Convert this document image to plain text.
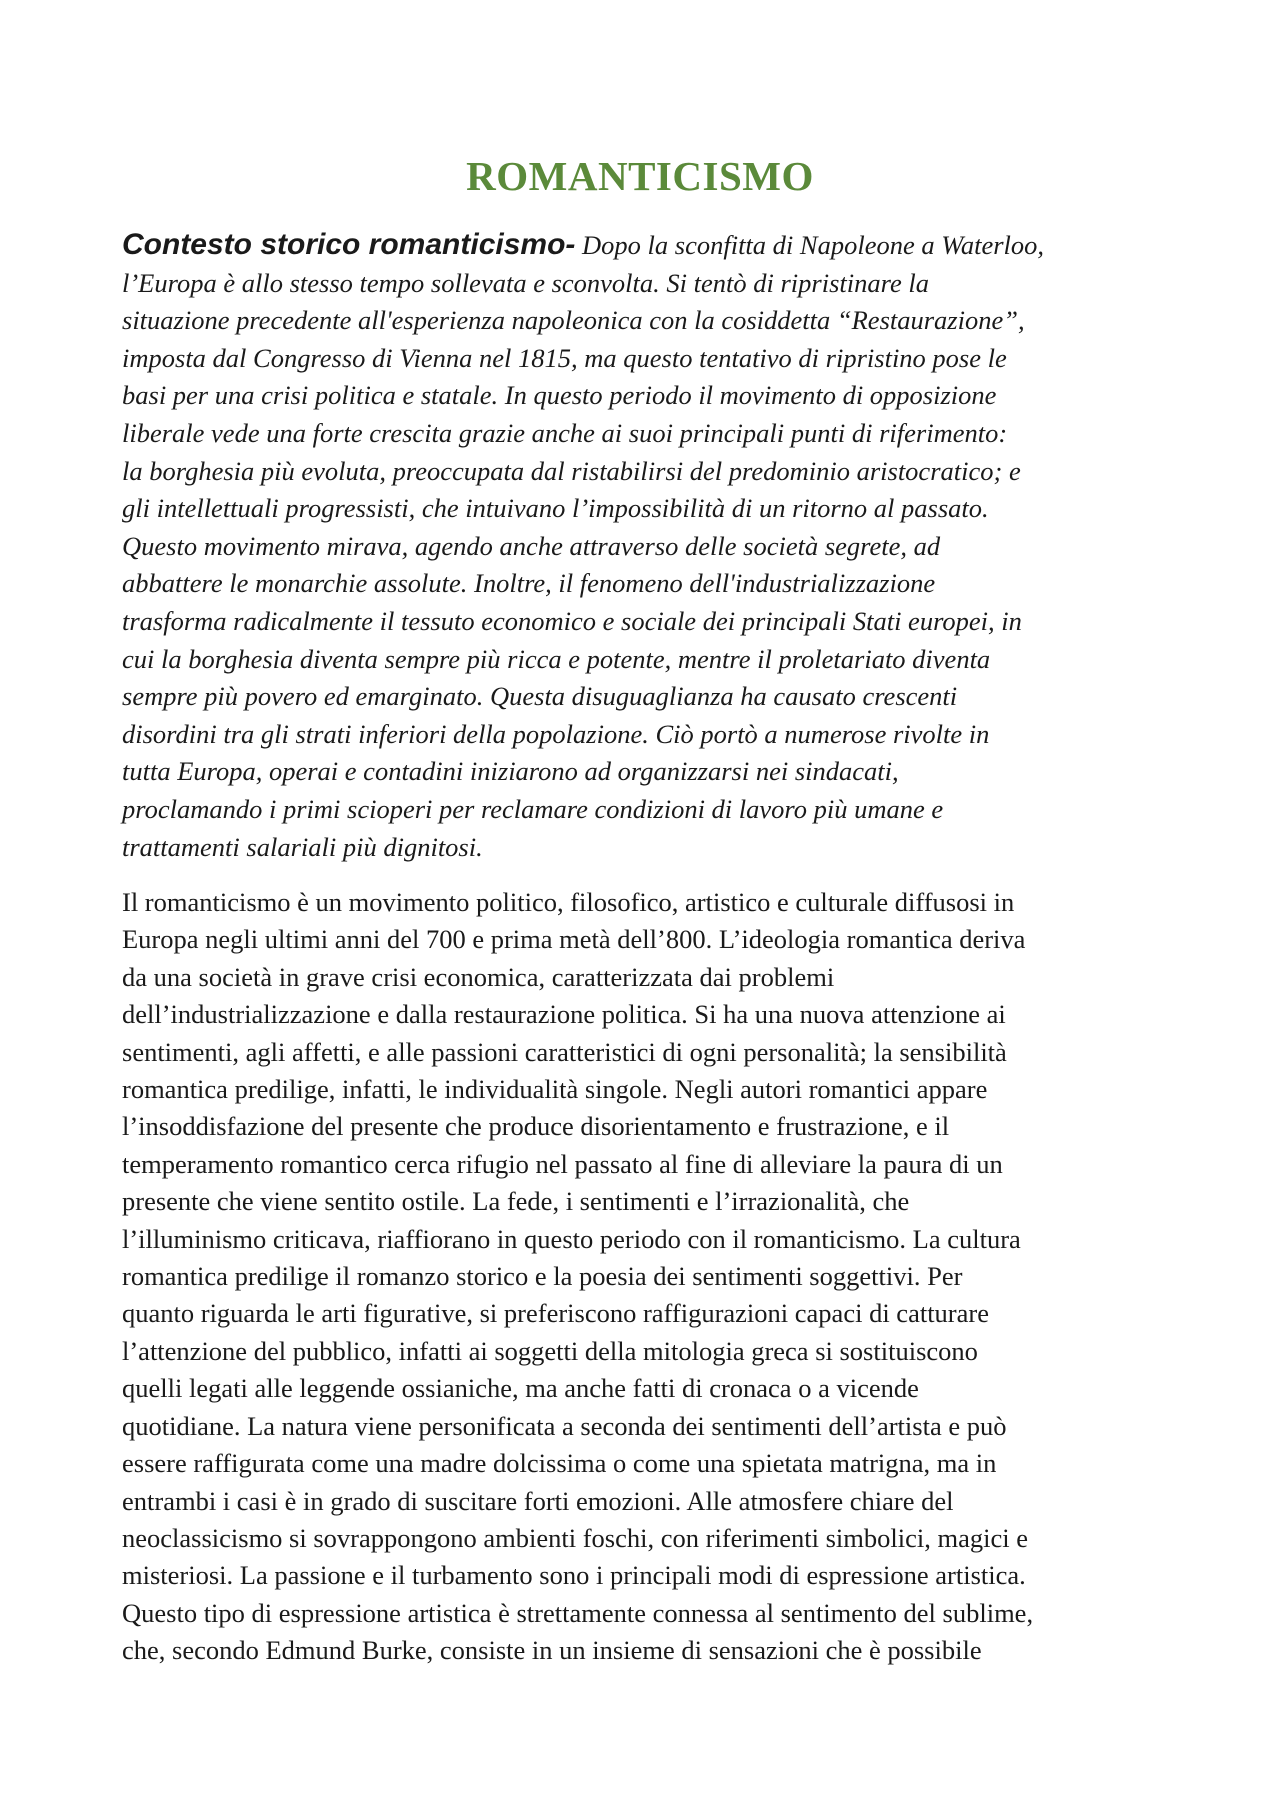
ROMANTICISMO
Contesto storico romanticismo- Dopo la sconfitta di Napoleone a Waterloo,
l’Europa è allo stesso tempo sollevata e sconvolta. Si tentò di ripristinare la
situazione precedente all'esperienza napoleonica con la cosiddetta “Restaurazione”,
imposta dal Congresso di Vienna nel 1815, ma questo tentativo di ripristino pose le
basi per una crisi politica e statale. In questo periodo il movimento di opposizione
liberale vede una forte crescita grazie anche ai suoi principali punti di riferimento:
la borghesia più evoluta, preoccupata dal ristabilirsi del predominio aristocratico; e
gli intellettuali progressisti, che intuivano l’impossibilità di un ritorno al passato.
Questo movimento mirava, agendo anche attraverso delle società segrete, ad
abbattere le monarchie assolute. Inoltre, il fenomeno dell'industrializzazione
trasforma radicalmente il tessuto economico e sociale dei principali Stati europei, in
cui la borghesia diventa sempre più ricca e potente, mentre il proletariato diventa
sempre più povero ed emarginato. Questa disuguaglianza ha causato crescenti
disordini tra gli strati inferiori della popolazione. Ciò portò a numerose rivolte in
tutta Europa, operai e contadini iniziarono ad organizzarsi nei sindacati,
proclamando i primi scioperi per reclamare condizioni di lavoro più umane e
trattamenti salariali più dignitosi.
Il romanticismo è un movimento politico, filosofico, artistico e culturale diffusosi in
Europa negli ultimi anni del 700 e prima metà dell’800. L’ideologia romantica deriva
da una società in grave crisi economica, caratterizzata dai problemi
dell’industrializzazione e dalla restaurazione politica. Si ha una nuova attenzione ai
sentimenti, agli affetti, e alle passioni caratteristici di ogni personalità; la sensibilità
romantica predilige, infatti, le individualità singole. Negli autori romantici appare
l’insoddisfazione del presente che produce disorientamento e frustrazione, e il
temperamento romantico cerca rifugio nel passato al fine di alleviare la paura di un
presente che viene sentito ostile. La fede, i sentimenti e l’irrazionalità, che
l’illuminismo criticava, riaffiorano in questo periodo con il romanticismo. La cultura
romantica predilige il romanzo storico e la poesia dei sentimenti soggettivi. Per
quanto riguarda le arti figurative, si preferiscono raffigurazioni capaci di catturare
l’attenzione del pubblico, infatti ai soggetti della mitologia greca si sostituiscono
quelli legati alle leggende ossianiche, ma anche fatti di cronaca o a vicende
quotidiane. La natura viene personificata a seconda dei sentimenti dell’artista e può
essere raffigurata come una madre dolcissima o come una spietata matrigna, ma in
entrambi i casi è in grado di suscitare forti emozioni. Alle atmosfere chiare del
neoclassicismo si sovrappongono ambienti foschi, con riferimenti simbolici, magici e
misteriosi. La passione e il turbamento sono i principali modi di espressione artistica.
Questo tipo di espressione artistica è strettamente connessa al sentimento del sublime,
che, secondo Edmund Burke, consiste in un insieme di sensazioni che è possibile
